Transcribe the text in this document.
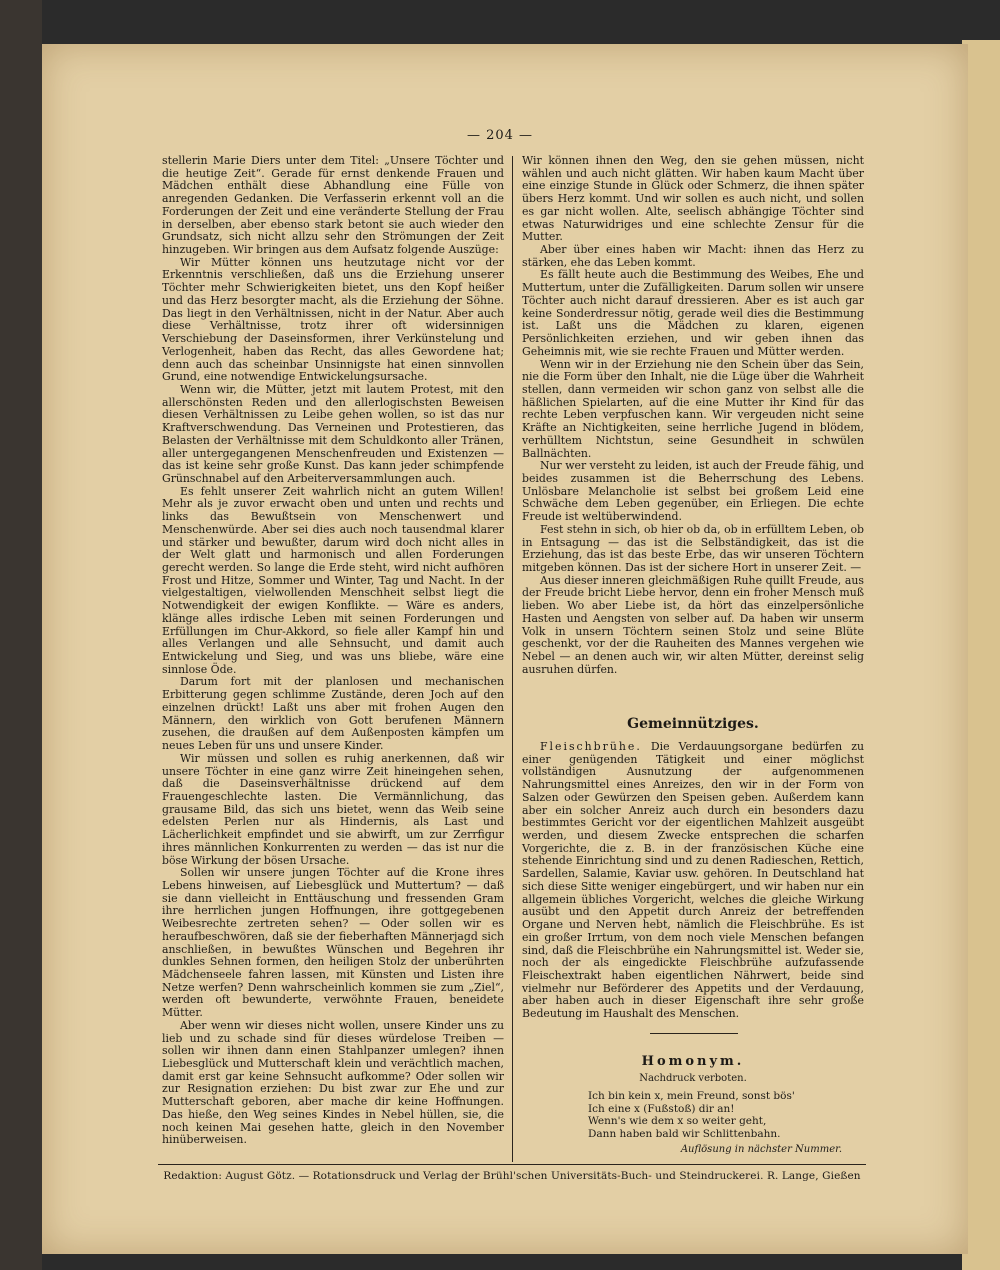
— 204 —

stellerin Marie Diers unter dem Titel: „Unsere Töchter und die heutige Zeit“. Gerade für ernst denkende Frauen und Mädchen enthält diese Abhandlung eine Fülle von anregenden Gedanken. Die Verfasserin erkennt voll an die Forderungen der Zeit und eine veränderte Stellung der Frau in derselben, aber ebenso stark betont sie auch wieder den Grundsatz, sich nicht allzu sehr den Strömungen der Zeit hinzugeben. Wir bringen aus dem Aufsatz folgende Auszüge:

Wir Mütter können uns heutzutage nicht vor der Erkenntnis verschließen, daß uns die Erziehung unserer Töchter mehr Schwierigkeiten bietet, uns den Kopf heißer und das Herz besorgter macht, als die Erziehung der Söhne. Das liegt in den Verhältnissen, nicht in der Natur. Aber auch diese Verhältnisse, trotz ihrer oft widersinnigen Verschiebung der Daseinsformen, ihrer Verkünstelung und Verlogenheit, haben das Recht, das alles Gewordene hat; denn auch das scheinbar Unsinnigste hat einen sinnvollen Grund, eine notwendige Entwickelungsursache.

Wenn wir, die Mütter, jetzt mit lautem Protest, mit den allerschönsten Reden und den allerlogischsten Beweisen diesen Verhältnissen zu Leibe gehen wollen, so ist das nur Kraftverschwendung. Das Verneinen und Protestieren, das Belasten der Verhältnisse mit dem Schuldkonto aller Tränen, aller untergegangenen Menschenfreuden und Existenzen — das ist keine sehr große Kunst. Das kann jeder schimpfende Grünschnabel auf den Arbeiterversammlungen auch.

Es fehlt unserer Zeit wahrlich nicht an gutem Willen! Mehr als je zuvor erwacht oben und unten und rechts und links das Bewußtsein von Menschenwert und Menschenwürde. Aber sei dies auch noch tausendmal klarer und stärker und bewußter, darum wird doch nicht alles in der Welt glatt und harmonisch und allen Forderungen gerecht werden. So lange die Erde steht, wird nicht aufhören Frost und Hitze, Sommer und Winter, Tag und Nacht. In der vielgestaltigen, vielwollenden Menschheit selbst liegt die Notwendigkeit der ewigen Konflikte. — Wäre es anders, klänge alles irdische Leben mit seinen Forderungen und Erfüllungen im Chur-Akkord, so fiele aller Kampf hin und alles Verlangen und alle Sehnsucht, und damit auch Entwickelung und Sieg, und was uns bliebe, wäre eine sinnlose Öde.

Darum fort mit der planlosen und mechanischen Erbitterung gegen schlimme Zustände, deren Joch auf den einzelnen drückt! Laßt uns aber mit frohen Augen den Männern, den wirklich von Gott berufenen Männern zusehen, die draußen auf dem Außenposten kämpfen um neues Leben für uns und unsere Kinder.

Wir müssen und sollen es ruhig anerkennen, daß wir unsere Töchter in eine ganz wirre Zeit hineingehen sehen, daß die Daseinsverhältnisse drückend auf dem Frauengeschlechte lasten. Die Vermännlichung, das grausame Bild, das sich uns bietet, wenn das Weib seine edelsten Perlen nur als Hindernis, als Last und Lächerlichkeit empfindet und sie abwirft, um zur Zerrfigur ihres männlichen Konkurrenten zu werden — das ist nur die böse Wirkung der bösen Ursache.

Sollen wir unsere jungen Töchter auf die Krone ihres Lebens hinweisen, auf Liebesglück und Muttertum? — daß sie dann vielleicht in Enttäuschung und fressenden Gram ihre herrlichen jungen Hoffnungen, ihre gottgegebenen Weibesrechte zertreten sehen? — Oder sollen wir es heraufbeschwören, daß sie der fieberhaften Männerjagd sich anschließen, in bewußtes Wünschen und Begehren ihr dunkles Sehnen formen, den heiligen Stolz der unberührten Mädchenseele fahren lassen, mit Künsten und Listen ihre Netze werfen? Denn wahrscheinlich kommen sie zum „Ziel“, werden oft bewunderte, verwöhnte Frauen, beneidete Mütter.

Aber wenn wir dieses nicht wollen, unsere Kinder uns zu lieb und zu schade sind für dieses würdelose Treiben — sollen wir ihnen dann einen Stahlpanzer umlegen? ihnen Liebesglück und Mutterschaft klein und verächtlich machen, damit erst gar keine Sehnsucht aufkomme? Oder sollen wir zur Resignation erziehen: Du bist zwar zur Ehe und zur Mutterschaft geboren, aber mache dir keine Hoffnungen. Das hieße, den Weg seines Kindes in Nebel hüllen, sie, die noch keinen Mai gesehen hatte, gleich in den November hinüberweisen.

Wir können ihnen den Weg, den sie gehen müssen, nicht wählen und auch nicht glätten. Wir haben kaum Macht über eine einzige Stunde in Glück oder Schmerz, die ihnen später übers Herz kommt. Und wir sollen es auch nicht, und sollen es gar nicht wollen. Alte, seelisch abhängige Töchter sind etwas Naturwidriges und eine schlechte Zensur für die Mutter.

Aber über eines haben wir Macht: ihnen das Herz zu stärken, ehe das Leben kommt.

Es fällt heute auch die Bestimmung des Weibes, Ehe und Muttertum, unter die Zufälligkeiten. Darum sollen wir unsere Töchter auch nicht darauf dressieren. Aber es ist auch gar keine Sonderdressur nötig, gerade weil dies die Bestimmung ist. Laßt uns die Mädchen zu klaren, eigenen Persönlichkeiten erziehen, und wir geben ihnen das Geheimnis mit, wie sie rechte Frauen und Mütter werden.

Wenn wir in der Erziehung nie den Schein über das Sein, nie die Form über den Inhalt, nie die Lüge über die Wahrheit stellen, dann vermeiden wir schon ganz von selbst alle die häßlichen Spielarten, auf die eine Mutter ihr Kind für das rechte Leben verpfuschen kann. Wir vergeuden nicht seine Kräfte an Nichtigkeiten, seine herrliche Jugend in blödem, verhülltem Nichtstun, seine Gesundheit in schwülen Ballnächten.

Nur wer versteht zu leiden, ist auch der Freude fähig, und beides zusammen ist die Beherrschung des Lebens. Unlösbare Melancholie ist selbst bei großem Leid eine Schwäche dem Leben gegenüber, ein Erliegen. Die echte Freude ist weltüberwindend.

Fest stehn in sich, ob hier ob da, ob in erfülltem Leben, ob in Entsagung — das ist die Selbständigkeit, das ist die Erziehung, das ist das beste Erbe, das wir unseren Töchtern mitgeben können. Das ist der sichere Hort in unserer Zeit. —

Aus dieser inneren gleichmäßigen Ruhe quillt Freude, aus der Freude bricht Liebe hervor, denn ein froher Mensch muß lieben. Wo aber Liebe ist, da hört das einzelpersönliche Hasten und Aengsten von selber auf. Da haben wir unserm Volk in unsern Töchtern seinen Stolz und seine Blüte geschenkt, vor der die Rauheiten des Mannes vergehen wie Nebel — an denen auch wir, wir alten Mütter, dereinst selig ausruhen dürfen.

Gemeinnütziges.

Fleischbrühe. Die Verdauungsorgane bedürfen zu einer genügenden Tätigkeit und einer möglichst vollständigen Ausnutzung der aufgenommenen Nahrungsmittel eines Anreizes, den wir in der Form von Salzen oder Gewürzen den Speisen geben. Außerdem kann aber ein solcher Anreiz auch durch ein besonders dazu bestimmtes Gericht vor der eigentlichen Mahlzeit ausgeübt werden, und diesem Zwecke entsprechen die scharfen Vorgerichte, die z. B. in der französischen Küche eine stehende Einrichtung sind und zu denen Radieschen, Rettich, Sardellen, Salamie, Kaviar usw. gehören. In Deutschland hat sich diese Sitte weniger eingebürgert, und wir haben nur ein allgemein übliches Vorgericht, welches die gleiche Wirkung ausübt und den Appetit durch Anreiz der betreffenden Organe und Nerven hebt, nämlich die Fleischbrühe. Es ist ein großer Irrtum, von dem noch viele Menschen befangen sind, daß die Fleischbrühe ein Nahrungsmittel ist. Weder sie, noch der als eingedickte Fleischbrühe aufzufassende Fleischextrakt haben eigentlichen Nährwert, beide sind vielmehr nur Beförderer des Appetits und der Verdauung, aber haben auch in dieser Eigenschaft ihre sehr große Bedeutung im Haushalt des Menschen.

Homonym.
Nachdruck verboten.
Ich bin kein x, mein Freund, sonst bös'
Ich eine x (Fußstoß) dir an!
Wenn's wie dem x so weiter geht,
Dann haben bald wir Schlittenbahn.
Auflösung in nächster Nummer.
Redaktion: August Götz. — Rotationsdruck und Verlag der Brühl'schen Universitäts-Buch- und Steindruckerei. R. Lange, Gießen
